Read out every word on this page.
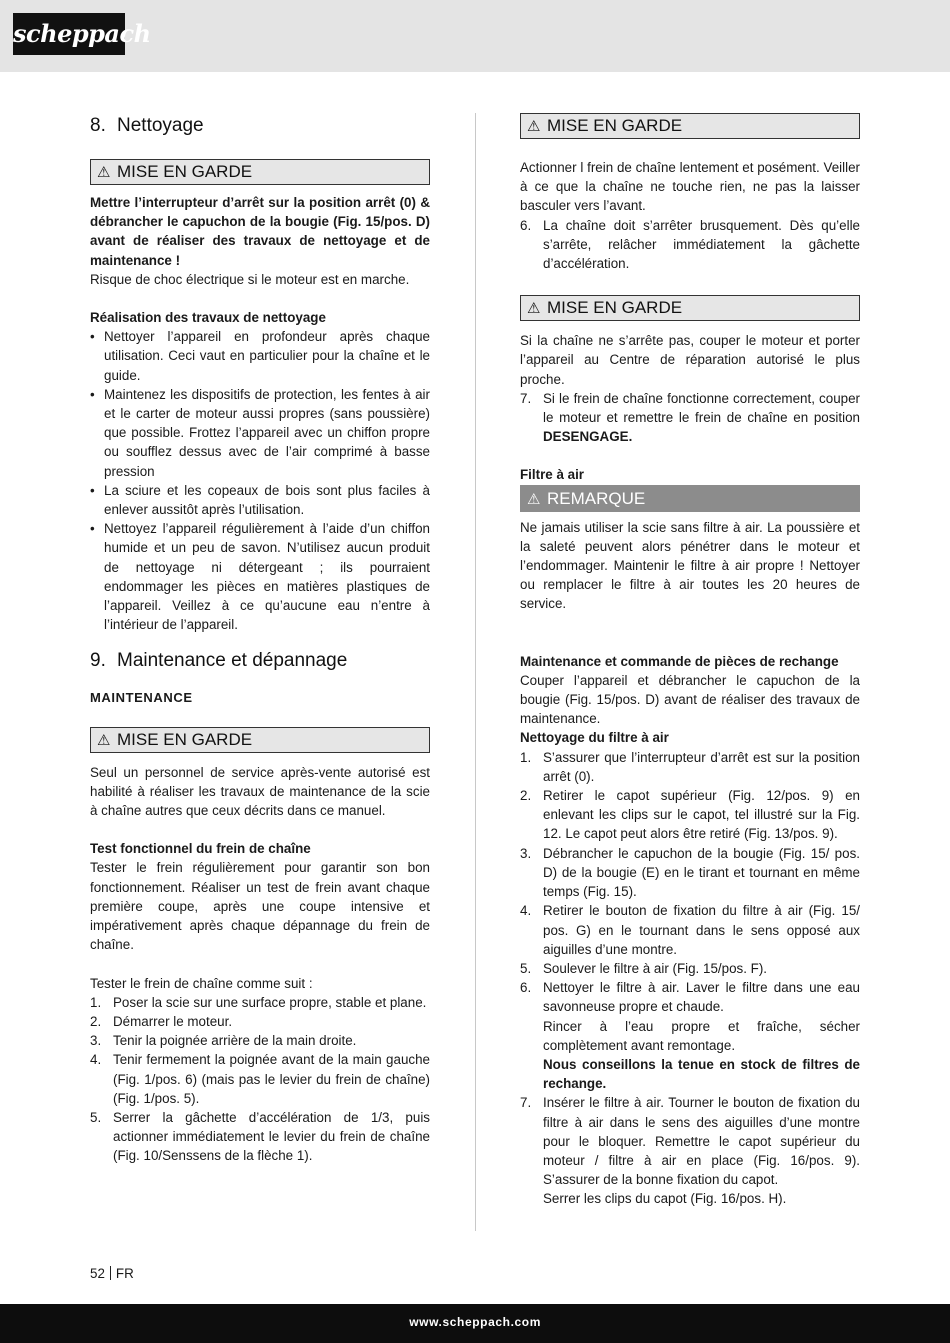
scheppach
8. Nettoyage
⚠ MISE EN GARDE

Mettre l’interrupteur d’arrêt sur la position arrêt (0) & débrancher le capuchon de la bougie (Fig. 15/pos. D) avant de réaliser des travaux de nettoyage et de maintenance !

Risque de choc électrique si le moteur est en marche.

Réalisation des travaux de nettoyage

• Nettoyer l’appareil en profondeur après chaque utilisation. Ceci vaut en particulier pour la chaîne et le guide.
• Maintenez les dispositifs de protection, les fentes à air et le carter de moteur aussi propres (sans poussière) que possible. Frottez l’appareil avec un chiffon propre ou soufflez dessus avec de l’air comprimé à basse pression
• La sciure et les copeaux de bois sont plus faciles à enlever aussitôt après l’utilisation.
• Nettoyez l’appareil régulièrement à l’aide d’un chiffon humide et un peu de savon. N’utilisez aucun produit de nettoyage ni détergeant ; ils pourraient endommager les pièces en matières plastiques de l’appareil. Veillez à ce qu’aucune eau n’entre à l’intérieur de l’appareil.
9. Maintenance et dépannage

MAINTENANCE

⚠ MISE EN GARDE

Seul un personnel de service après-vente autorisé est habilité à réaliser les travaux de maintenance de la scie à chaîne autres que ceux décrits dans ce manuel.

Test fonctionnel du frein de chaîne

Tester le frein régulièrement pour garantir son bon fonctionnement. Réaliser un test de frein avant chaque première coupe, après une coupe intensive et impérativement après chaque dépannage du frein de chaîne.

Tester le frein de chaîne comme suit :

1. Poser la scie sur une surface propre, stable et plane.
2. Démarrer le moteur.
3. Tenir la poignée arrière de la main droite.
4. Tenir fermement la poignée avant de la main gauche (Fig. 1/pos. 6) (mais pas le levier du frein de chaîne) (Fig. 1/pos. 5).
5. Serrer la gâchette d’accélération de 1/3, puis actionner immédiatement le levier du frein de chaîne (Fig. 10/Senssens de la flèche 1).
⚠ MISE EN GARDE

Actionner l frein de chaîne lentement et posément. Veiller à ce que la chaîne ne touche rien, ne pas la laisser basculer vers l’avant.

6. La chaîne doit s’arrêter brusquement. Dès qu’elle s’arrête, relâcher immédiatement la gâchette d’accélération.
⚠ MISE EN GARDE

Si la chaîne ne s’arrête pas, couper le moteur et porter l’appareil au Centre de réparation autorisé le plus proche.

7. Si le frein de chaîne fonctionne correctement, couper le moteur et remettre le frein de chaîne en position DESENGAGE.

Filtre à air

⚠ REMARQUE

Ne jamais utiliser la scie sans filtre à air. La poussière et la saleté peuvent alors pénétrer dans le moteur et l’endommager. Maintenir le filtre à air propre ! Nettoyer ou remplacer le filtre à air toutes les 20 heures de service.

Maintenance et commande de pièces de rechange

Couper l’appareil et débrancher le capuchon de la bougie (Fig. 15/pos. D) avant de réaliser des travaux de maintenance.

Nettoyage du filtre à air

1. S’assurer que l’interrupteur d’arrêt est sur la position arrêt (0).
2. Retirer le capot supérieur (Fig. 12/pos. 9) en enlevant les clips sur le capot, tel illustré sur la Fig. 12. Le capot peut alors être retiré (Fig. 13/pos. 9).
3. Débrancher le capuchon de la bougie (Fig. 15/ pos. D) de la bougie (E) en le tirant et tournant en même temps (Fig. 15).
4. Retirer le bouton de fixation du filtre à air (Fig. 15/ pos. G) en le tournant dans le sens opposé aux aiguilles d’une montre.
5. Soulever le filtre à air (Fig. 15/pos. F).
6. Nettoyer le filtre à air. Laver le filtre dans une eau savonneuse propre et chaude.
Rincer à l’eau propre et fraîche, sécher complètement avant remontage.
Nous conseillons la tenue en stock de filtres de rechange.
7. Insérer le filtre à air. Tourner le bouton de fixation du filtre à air dans le sens des aiguilles d’une montre pour le bloquer. Remettre le capot supérieur du moteur / filtre à air en place (Fig. 16/pos. 9). S’assurer de la bonne fixation du capot.
Serrer les clips du capot (Fig. 16/pos. H).
52 FR
www.scheppach.com
